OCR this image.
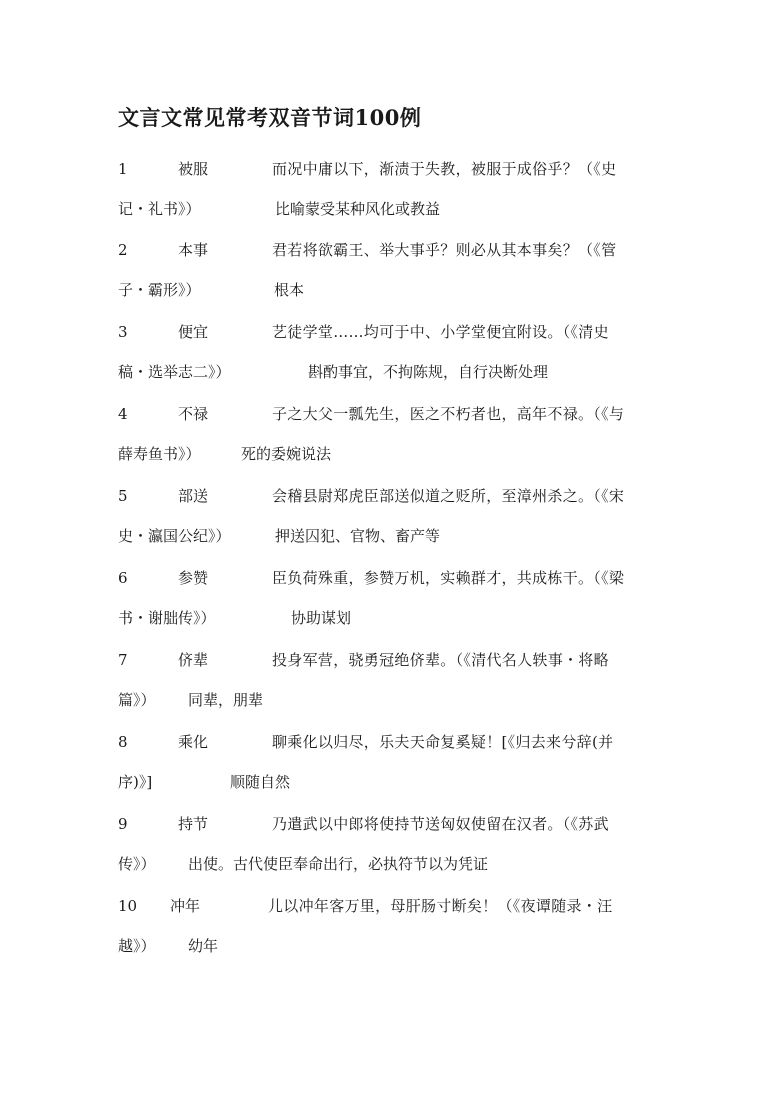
文言文常见常考双音节词100例
1	被服	而况中庸以下，渐渍于失教，被服于成俗乎？（《史
记・礼书》）	比喻蒙受某种风化或教益
2	本事	君若将欲霸王、举大事乎？则必从其本事矣？（《管
子・霸形》）	根本
3	便宜	艺徒学堂……均可于中、小学堂便宜附设。（《清史
稿・选举志二》）	斟酌事宜，不拘陈规，自行决断处理
4	不禄	子之大父一瓢先生，医之不朽者也，高年不禄。（《与
薛寿鱼书》）	死的委婉说法
5	部送	会稽县尉郑虎臣部送似道之贬所，至漳州杀之。（《宋
史・瀛国公纪》）	押送囚犯、官物、畜产等
6	参赞	臣负荷殊重，参赞万机，实赖群才，共成栋干。（《梁
书・谢朏传》）	协助谋划
7	侪辈	投身军营，骁勇冠绝侪辈。（《清代名人轶事・将略
篇》） 同辈，朋辈
8	乘化	聊乘化以归尽，乐夫天命复奚疑！[《归去来兮辞(并
序)》]	顺随自然
9	持节	乃遣武以中郎将使持节送匈奴使留在汉者。（《苏武
传》） 出使。古代使臣奉命出行，必执符节以为凭证
10 冲年	儿以冲年客万里，母肝肠寸断矣！（《夜谭随录・汪
越》） 幼年
